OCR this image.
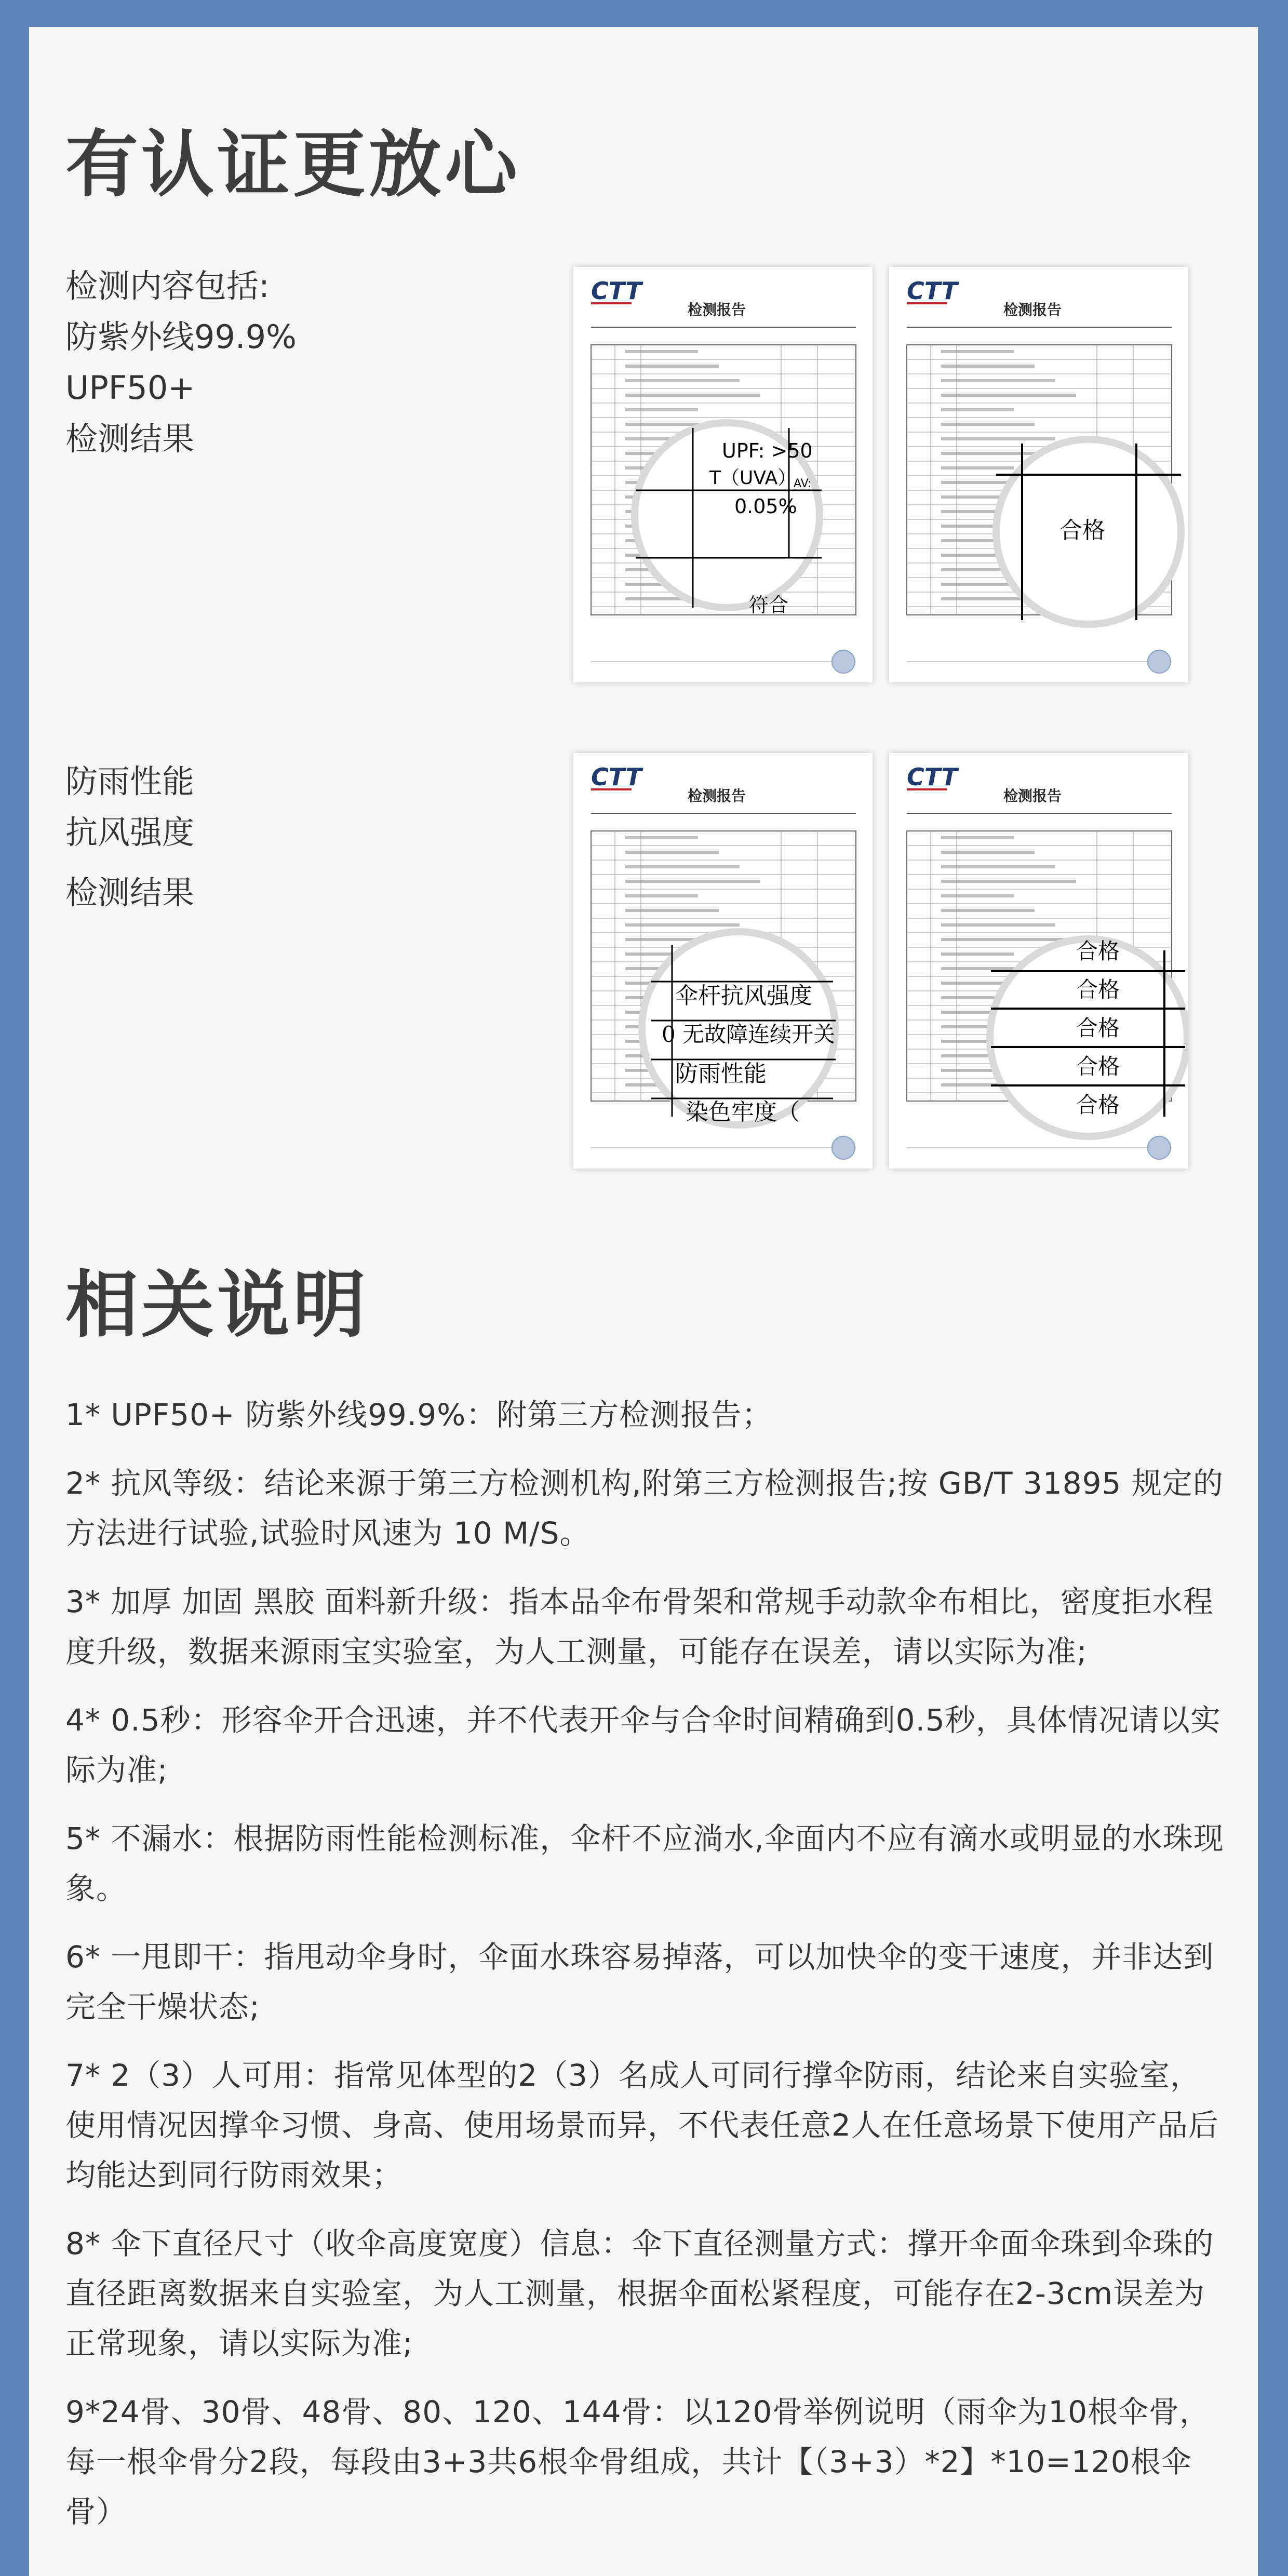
有认证更放心
检测内容包括:
防紫外线99.9%
UPF50+
检测结果
CTT
检测报告
UPF: >50
T（UVA）
AV:
0.05%
符合
CTT
检测报告
合格
防雨性能
抗风强度
检测结果
CTT
检测报告
伞杆抗风强度
0 无故障连续开关
防雨性能
染色牢度（
CTT
检测报告
合格
合格
合格
合格
合格
相关说明

1* UPF50+ 防紫外线99.9%：附第三方检测报告；

2* 抗风等级：结论来源于第三方检测机构,附第三方检测报告;按 GB/T 31895 规定的方法进行试验,试验时风速为 10 M/S。

3* 加厚 加固 黑胶 面料新升级：指本品伞布骨架和常规手动款伞布相比，密度拒水程度升级，数据来源雨宝实验室，为人工测量，可能存在误差，请以实际为准;

4* 0.5秒：形容伞开合迅速，并不代表开伞与合伞时间精确到0.5秒，具体情况请以实际为准;

5* 不漏水：根据防雨性能检测标准，伞杆不应淌水,伞面内不应有滴水或明显的水珠现象。

6* 一甩即干：指甩动伞身时，伞面水珠容易掉落，可以加快伞的变干速度，并非达到完全干燥状态;

7* 2（3）人可用：指常见体型的2（3）名成人可同行撑伞防雨，结论来自实验室，使用情况因撑伞习惯、身高、使用场景而异，不代表任意2人在任意场景下使用产品后均能达到同行防雨效果；

8* 伞下直径尺寸（收伞高度宽度）信息：伞下直径测量方式：撑开伞面伞珠到伞珠的直径距离数据来自实验室，为人工测量，根据伞面松紧程度，可能存在2-3cm误差为正常现象，请以实际为准;

9*24骨、30骨、48骨、80、120、144骨：以120骨举例说明（雨伞为10根伞骨，每一根伞骨分2段，每段由3+3共6根伞骨组成，共计【（3+3）*2】*10=120根伞骨）
